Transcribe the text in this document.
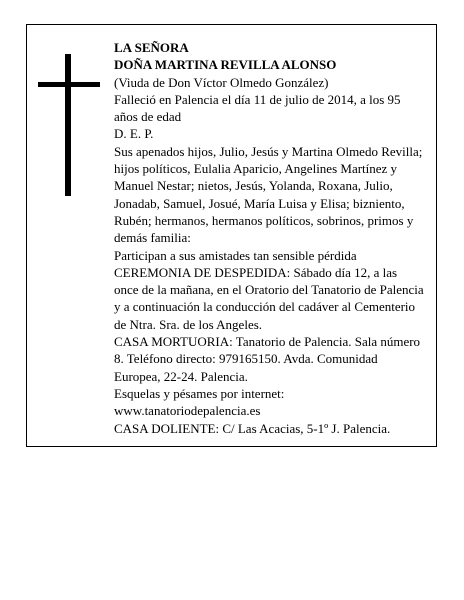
LA SEÑORA

DOÑA MARTINA REVILLA ALONSO

(Viuda de Don Víctor Olmedo González)

Falleció en Palencia el día 11 de julio de 2014, a los 95 años de edad

D. E. P.

Sus apenados hijos, Julio, Jesús y Martina Olmedo Revilla; hijos políticos, Eulalia Aparicio, Angelines Martínez y Manuel Nestar; nietos, Jesús, Yolanda, Roxana, Julio, Jonadab, Samuel, Josué, María Luisa y Elisa; bizniento, Rubén; hermanos, hermanos políticos, sobrinos, primos y demás familia:

Participan a sus amistades tan sensible pérdida

CEREMONIA DE DESPEDIDA: Sábado día 12, a las once de la mañana, en el Oratorio del Tanatorio de Palencia y a continuación la conducción del cadáver al Cementerio de Ntra. Sra. de los Angeles.

CASA MORTUORIA: Tanatorio de Palencia. Sala número 8. Teléfono directo: 979165150. Avda. Comunidad Europea, 22-24. Palencia.

Esquelas y pésames por internet:

www.tanatoriodepalencia.es

CASA DOLIENTE: C/ Las Acacias, 5-1º J. Palencia.
